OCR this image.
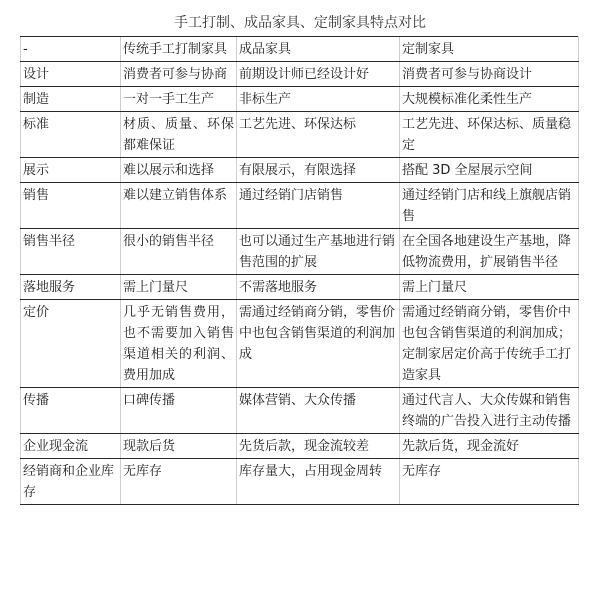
手工打制、成品家具、定制家具特点对比
-	传统手工打制家具	成品家具	定制家具
设计	消费者可参与协商	前期设计师已经设计好	消费者可参与协商设计
制造	一对一手工生产	非标生产	大规模标准化柔性生产
标准	材质、质量、环保都难保证	工艺先进、环保达标	工艺先进、环保达标、质量稳定
展示	难以展示和选择	有限展示，有限选择	搭配 3D 全屋展示空间
销售	难以建立销售体系	通过经销门店销售	通过经销门店和线上旗舰店销售
销售半径	很小的销售半径	也可以通过生产基地进行销售范围的扩展	在全国各地建设生产基地，降低物流费用，扩展销售半径
落地服务	需上门量尺	不需落地服务	需上门量尺
定价	几乎无销售费用，也不需要加入销售渠道相关的利润、费用加成	需通过经销商分销，零售价中也包含销售渠道的利润加成	需通过经销商分销，零售价中也包含销售渠道的利润加成；定制家居定价高于传统手工打造家具
传播	口碑传播	媒体营销、大众传播	通过代言人、大众传媒和销售终端的广告投入进行主动传播
企业现金流	现款后货	先货后款，现金流较差	先款后货，现金流好
经销商和企业库存	无库存	库存量大，占用现金周转	无库存
